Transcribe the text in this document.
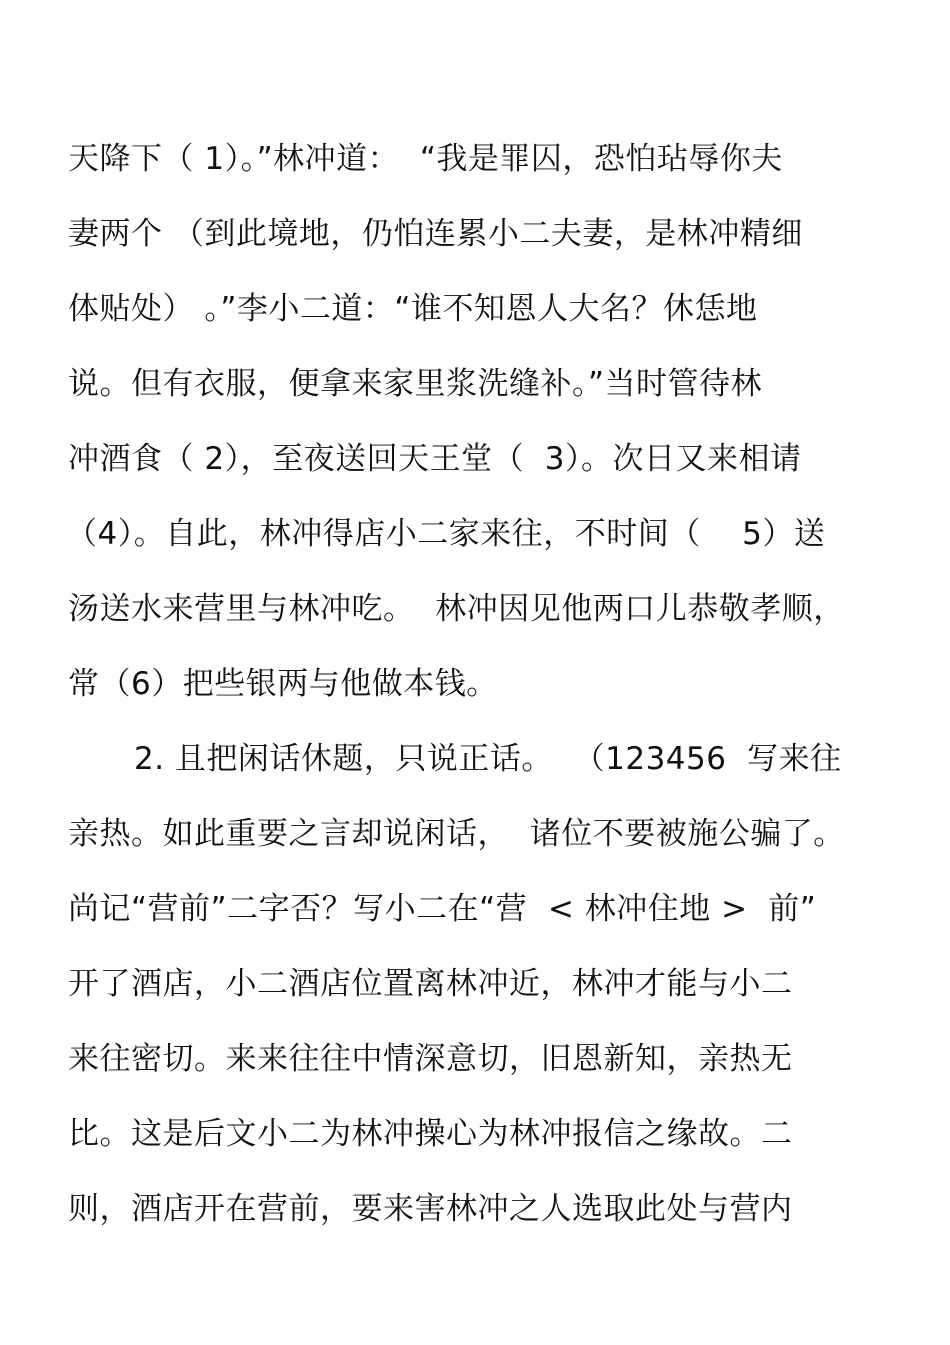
天降下（ 1）。”林冲道：  “我是罪囚，恐怕玷辱你夫
妻两个 （到此境地，仍怕连累小二夫妻，是林冲精细
体贴处） 。”李小二道：“谁不知恩人大名？休恁地
说。但有衣服，便拿来家里浆洗缝补。”当时管待林
冲酒食（ 2），至夜送回天王堂（  3）。次日又来相请
（4）。自此，林冲得店小二家来往，不时间（    5）送
汤送水来营里与林冲吃。  林冲因见他两口儿恭敬孝顺，
常（6）把些银两与他做本钱。
2. 且把闲话休题，只说正话。  （123456  写来往
亲热。如此重要之言却说闲话，  诸位不要被施公骗了。
尚记“营前”二字否？写小二在“营  < 林冲住地 >  前”
开了酒店，小二酒店位置离林冲近，林冲才能与小二
来往密切。来来往往中情深意切，旧恩新知，亲热无
比。这是后文小二为林冲操心为林冲报信之缘故。二
则，酒店开在营前，要来害林冲之人选取此处与营内
